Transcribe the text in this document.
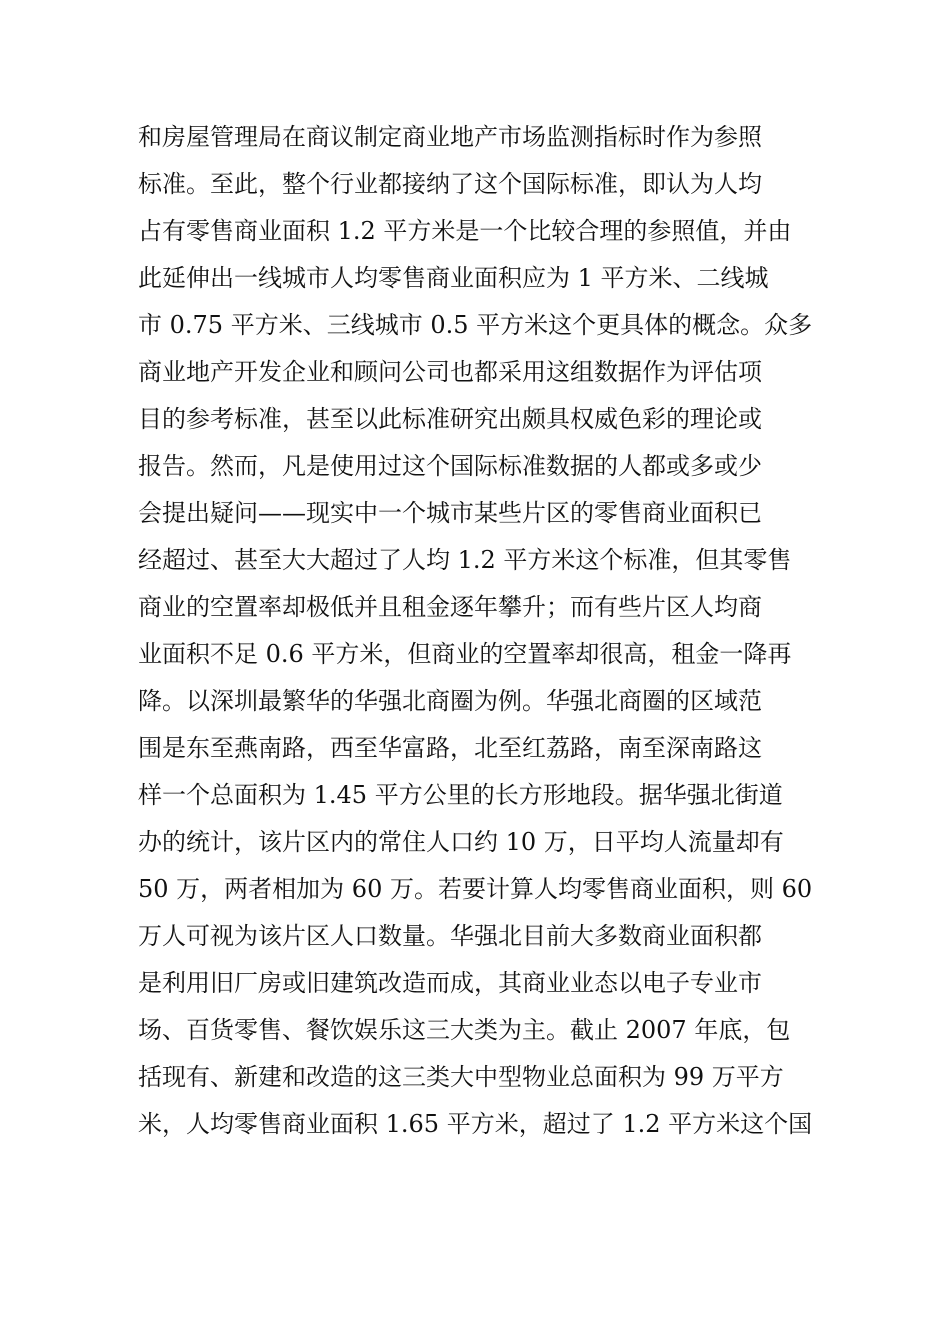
和房屋管理局在商议制定商业地产市场监测指标时作为参照
标准。至此，整个行业都接纳了这个国际标准，即认为人均
占有零售商业面积 1.2 平方米是一个比较合理的参照值，并由
此延伸出一线城市人均零售商业面积应为 1 平方米、二线城
市 0.75 平方米、三线城市 0.5 平方米这个更具体的概念。众多
商业地产开发企业和顾问公司也都采用这组数据作为评估项
目的参考标准，甚至以此标准研究出颇具权威色彩的理论或
报告。然而，凡是使用过这个国际标准数据的人都或多或少
会提出疑问——现实中一个城市某些片区的零售商业面积已
经超过、甚至大大超过了人均 1.2 平方米这个标准，但其零售
商业的空置率却极低并且租金逐年攀升；而有些片区人均商
业面积不足 0.6 平方米，但商业的空置率却很高，租金一降再
降。以深圳最繁华的华强北商圈为例。华强北商圈的区域范
围是东至燕南路，西至华富路，北至红荔路，南至深南路这
样一个总面积为 1.45 平方公里的长方形地段。据华强北街道
办的统计，该片区内的常住人口约 10 万，日平均人流量却有
50 万，两者相加为 60 万。若要计算人均零售商业面积，则 60
万人可视为该片区人口数量。华强北目前大多数商业面积都
是利用旧厂房或旧建筑改造而成，其商业业态以电子专业市
场、百货零售、餐饮娱乐这三大类为主。截止 2007 年底，包
括现有、新建和改造的这三类大中型物业总面积为 99 万平方
米，人均零售商业面积 1.65 平方米，超过了 1.2 平方米这个国
